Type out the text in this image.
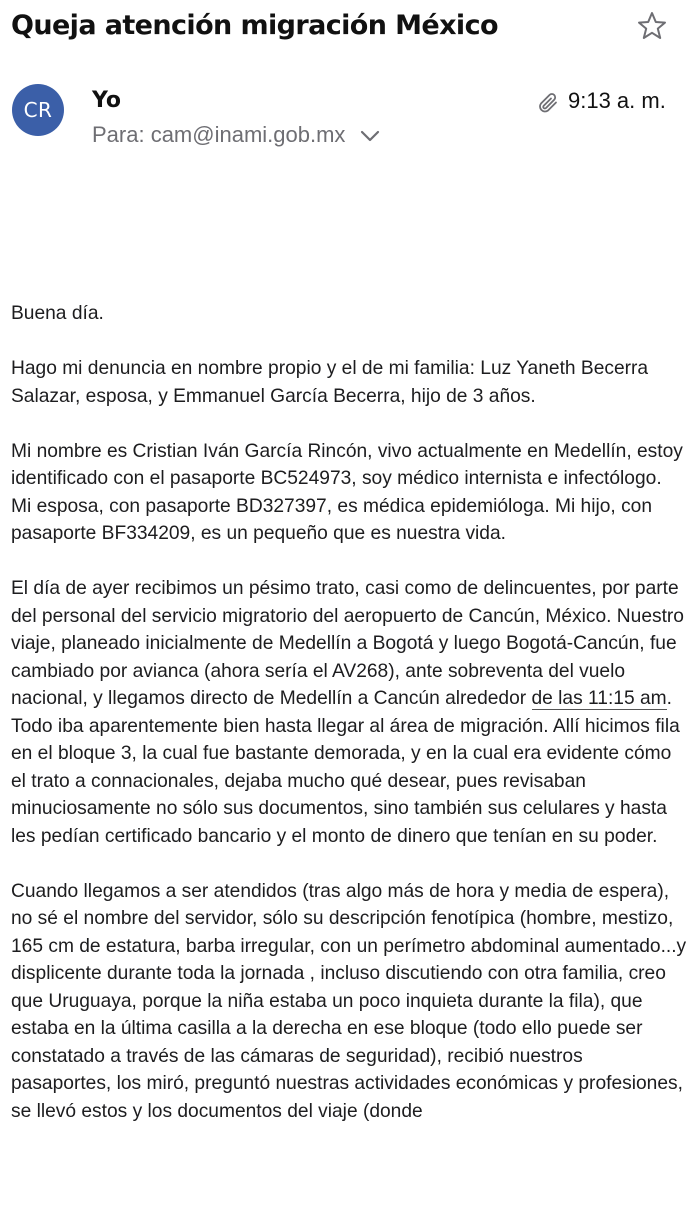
Queja atención migración México
CR	Yo
Para: cam@inami.gob.mx
9:13 a. m.

Buena día.

Hago mi denuncia en nombre propio y el de mi familia: Luz Yaneth Becerra Salazar, esposa, y Emmanuel García Becerra, hijo de 3 años.

Mi nombre es Cristian Iván García Rincón, vivo actualmente en Medellín, estoy identificado con el pasaporte BC524973, soy médico internista e infectólogo. Mi esposa, con pasaporte BD327397, es médica epidemióloga. Mi hijo, con pasaporte BF334209, es un pequeño que es nuestra vida.

El día de ayer recibimos un pésimo trato, casi como de delincuentes, por parte del personal del servicio migratorio del aeropuerto de Cancún, México. Nuestro viaje, planeado inicialmente de Medellín a Bogotá y luego Bogotá-Cancún, fue cambiado por avianca (ahora sería el AV268), ante sobreventa del vuelo nacional, y llegamos directo de Medellín a Cancún alrededor de las 11:15 am. Todo iba aparentemente bien hasta llegar al área de migración. Allí hicimos fila en el bloque 3, la cual fue bastante demorada, y en la cual era evidente cómo el trato a connacionales, dejaba mucho qué desear, pues revisaban minuciosamente no sólo sus documentos, sino también sus celulares y hasta les pedían certificado bancario y el monto de dinero que tenían en su poder.

Cuando llegamos a ser atendidos (tras algo más de hora y media de espera), no sé el nombre del servidor, sólo su descripción fenotípica (hombre, mestizo, 165 cm de estatura, barba irregular, con un perímetro abdominal aumentado...y displicente durante toda la jornada , incluso discutiendo con otra familia, creo que Uruguaya, porque la niña estaba un poco inquieta durante la fila), que estaba en la última casilla a la derecha en ese bloque (todo ello puede ser constatado a través de las cámaras de seguridad), recibió nuestros pasaportes, los miró, preguntó nuestras actividades económicas y profesiones, se llevó estos y los documentos del viaje (donde
